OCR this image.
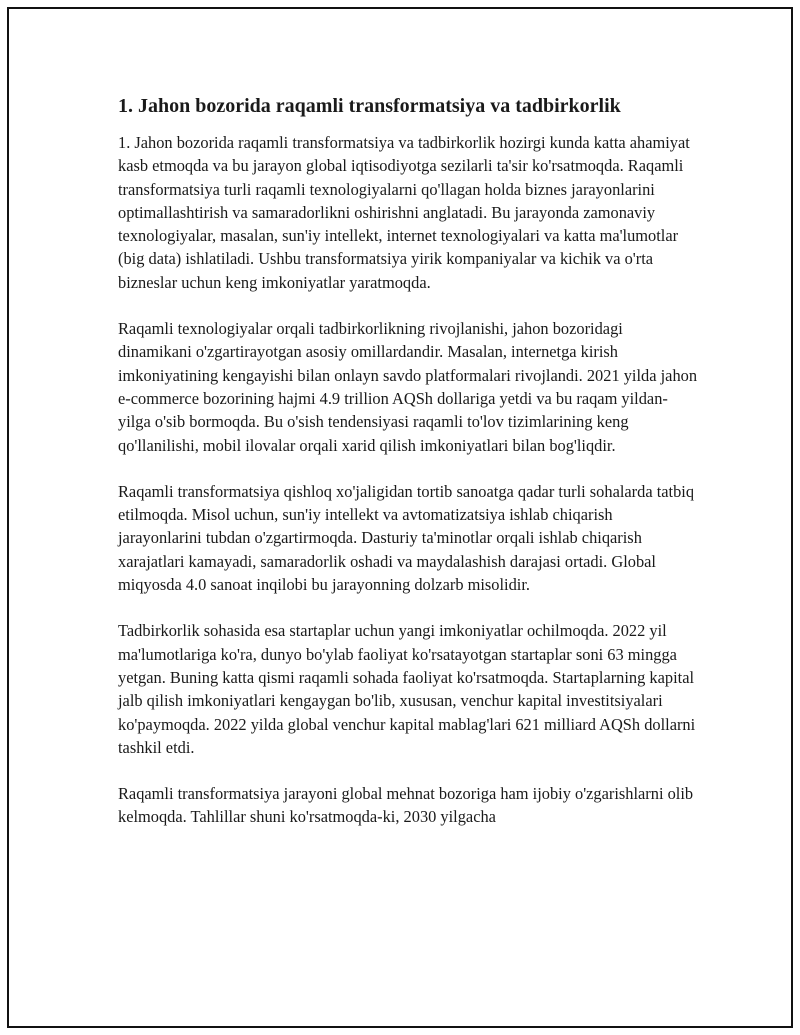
1. Jahon bozorida raqamli transformatsiya va tadbirkorlik

1. Jahon bozorida raqamli transformatsiya va tadbirkorlik hozirgi kunda katta ahamiyat kasb etmoqda va bu jarayon global iqtisodiyotga sezilarli ta'sir ko'rsatmoqda. Raqamli transformatsiya turli raqamli texnologiyalarni qo'llagan holda biznes jarayonlarini optimallashtirish va samaradorlikni oshirishni anglatadi. Bu jarayonda zamonaviy texnologiyalar, masalan, sun'iy intellekt, internet texnologiyalari va katta ma'lumotlar (big data) ishlatiladi. Ushbu transformatsiya yirik kompaniyalar va kichik va o'rta bizneslar uchun keng imkoniyatlar yaratmoqda.

Raqamli texnologiyalar orqali tadbirkorlikning rivojlanishi, jahon bozoridagi dinamikani o'zgartirayotgan asosiy omillardandir. Masalan, internetga kirish imkoniyatining kengayishi bilan onlayn savdo platformalari rivojlandi. 2021 yilda jahon e-commerce bozorining hajmi 4.9 trillion AQSh dollariga yetdi va bu raqam yildan-yilga o'sib bormoqda. Bu o'sish tendensiyasi raqamli to'lov tizimlarining keng qo'llanilishi, mobil ilovalar orqali xarid qilish imkoniyatlari bilan bog'liqdir.

Raqamli transformatsiya qishloq xo'jaligidan tortib sanoatga qadar turli sohalarda tatbiq etilmoqda. Misol uchun, sun'iy intellekt va avtomatizatsiya ishlab chiqarish jarayonlarini tubdan o'zgartirmoqda. Dasturiy ta'minotlar orqali ishlab chiqarish xarajatlari kamayadi, samaradorlik oshadi va maydalashish darajasi ortadi. Global miqyosda 4.0 sanoat inqilobi bu jarayonning dolzarb misolidir.

Tadbirkorlik sohasida esa startaplar uchun yangi imkoniyatlar ochilmoqda. 2022 yil ma'lumotlariga ko'ra, dunyo bo'ylab faoliyat ko'rsatayotgan startaplar soni 63 mingga yetgan. Buning katta qismi raqamli sohada faoliyat ko'rsatmoqda. Startaplarning kapital jalb qilish imkoniyatlari kengaygan bo'lib, xususan, venchur kapital investitsiyalari ko'paymoqda. 2022 yilda global venchur kapital mablag'lari 621 milliard AQSh dollarni tashkil etdi.

Raqamli transformatsiya jarayoni global mehnat bozoriga ham ijobiy o'zgarishlarni olib kelmoqda. Tahlillar shuni ko'rsatmoqda-ki, 2030 yilgacha
